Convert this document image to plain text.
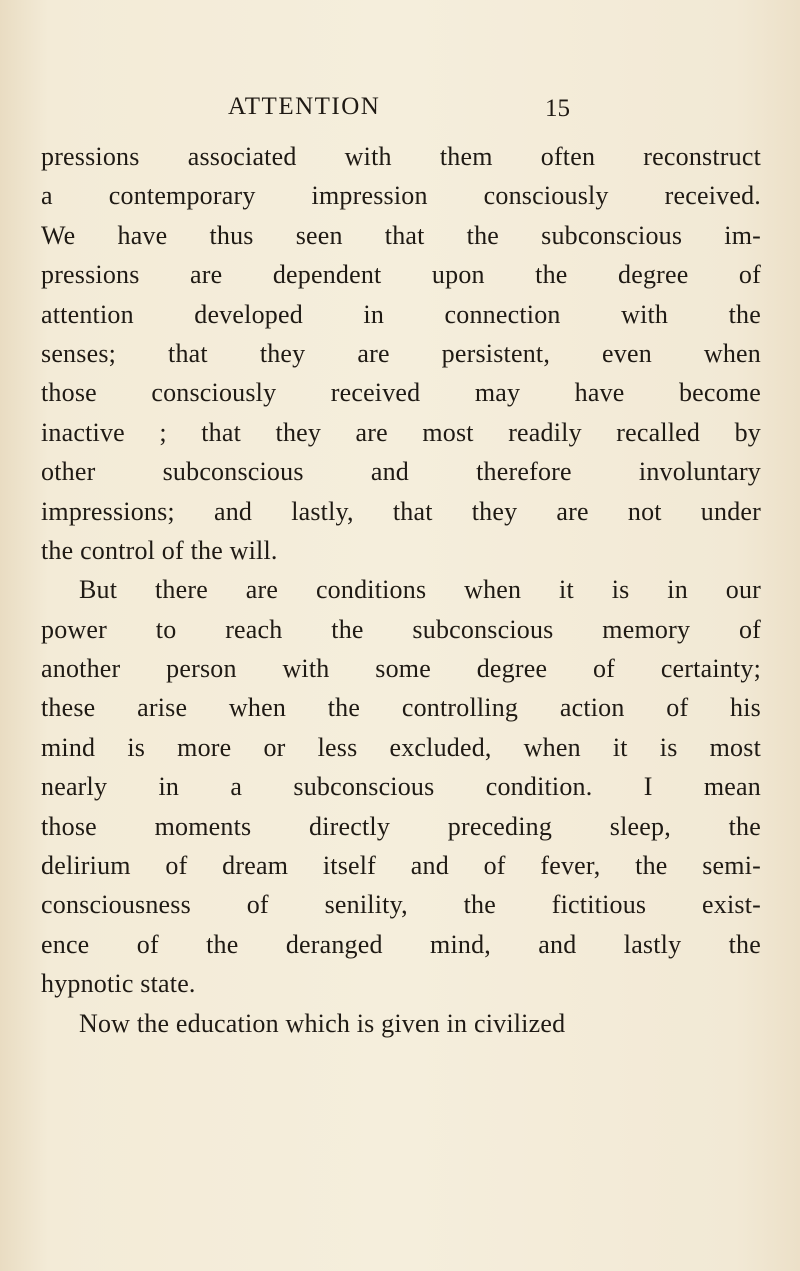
ATTENTION	15
pressions associated with them often reconstruct
a contemporary impression consciously received.
We have thus seen that the subconscious im-
pressions are dependent upon the degree of
attention developed in connection with the
senses; that they are persistent, even when
those consciously received may have become
inactive ; that they are most readily recalled by
other subconscious and therefore involuntary
impressions; and lastly, that they are not under
the control of the will.
But there are conditions when it is in our
power to reach the subconscious memory of
another person with some degree of certainty;
these arise when the controlling action of his
mind is more or less excluded, when it is most
nearly in a subconscious condition. I mean
those moments directly preceding sleep, the
delirium of dream itself and of fever, the semi-
consciousness of senility, the fictitious exist-
ence of the deranged mind, and lastly the
hypnotic state.
Now the education which is given in civilized
